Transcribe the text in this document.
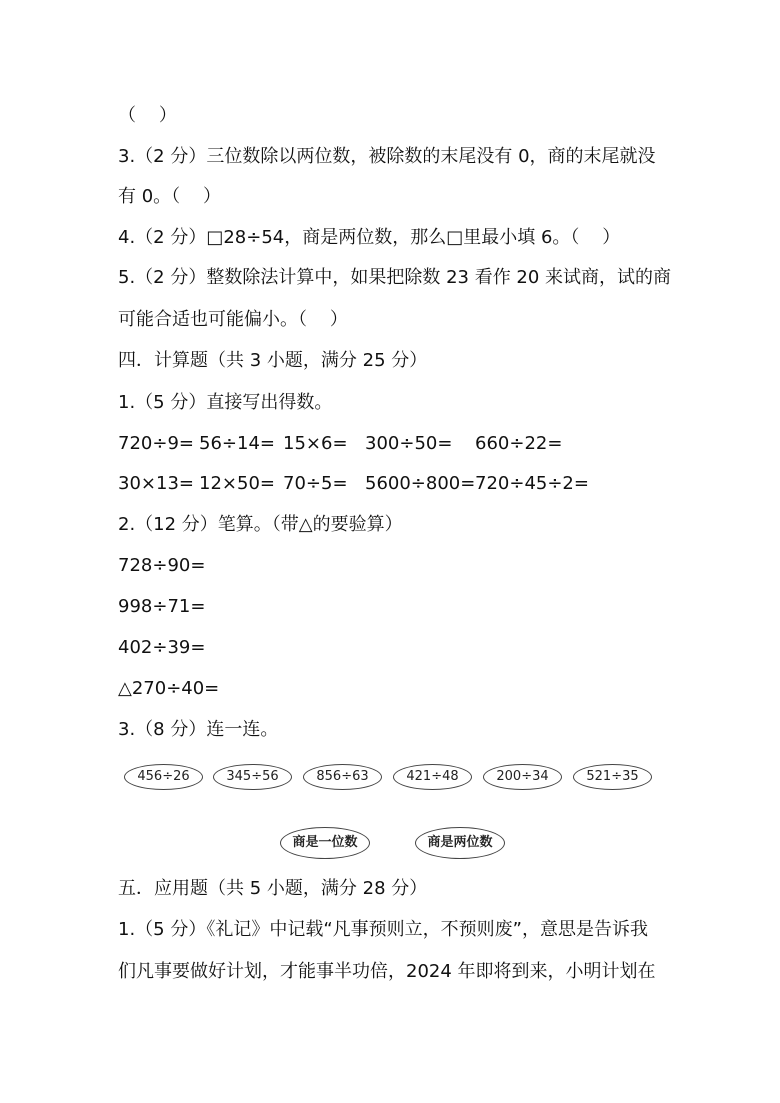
（    ）
3.（2 分）三位数除以两位数，被除数的末尾没有 0，商的末尾就没
有 0。（    ）
4.（2 分）□28÷54，商是两位数，那么□里最小填 6。（    ）
5.（2 分）整数除法计算中，如果把除数 23 看作 20 来试商，试的商
可能合适也可能偏小。（    ）
四．计算题（共 3 小题，满分 25 分）
1.（5 分）直接写出得数。
720÷9= 56÷14= 15×6= 300÷50= 660÷22=
30×13= 12×50= 70÷5= 5600÷800= 720÷45÷2=
2.（12 分）笔算。（带△的要验算）
728÷90=
998÷71=
402÷39=
△270÷40=
3.（8 分）连一连。
456÷26	345÷56	856÷63	421÷48	200÷34	521÷35
商是一位数	商是两位数
五．应用题（共 5 小题，满分 28 分）
1.（5 分）《礼记》中记载“凡事预则立，不预则废”，意思是告诉我
们凡事要做好计划，才能事半功倍，2024 年即将到来，小明计划在
